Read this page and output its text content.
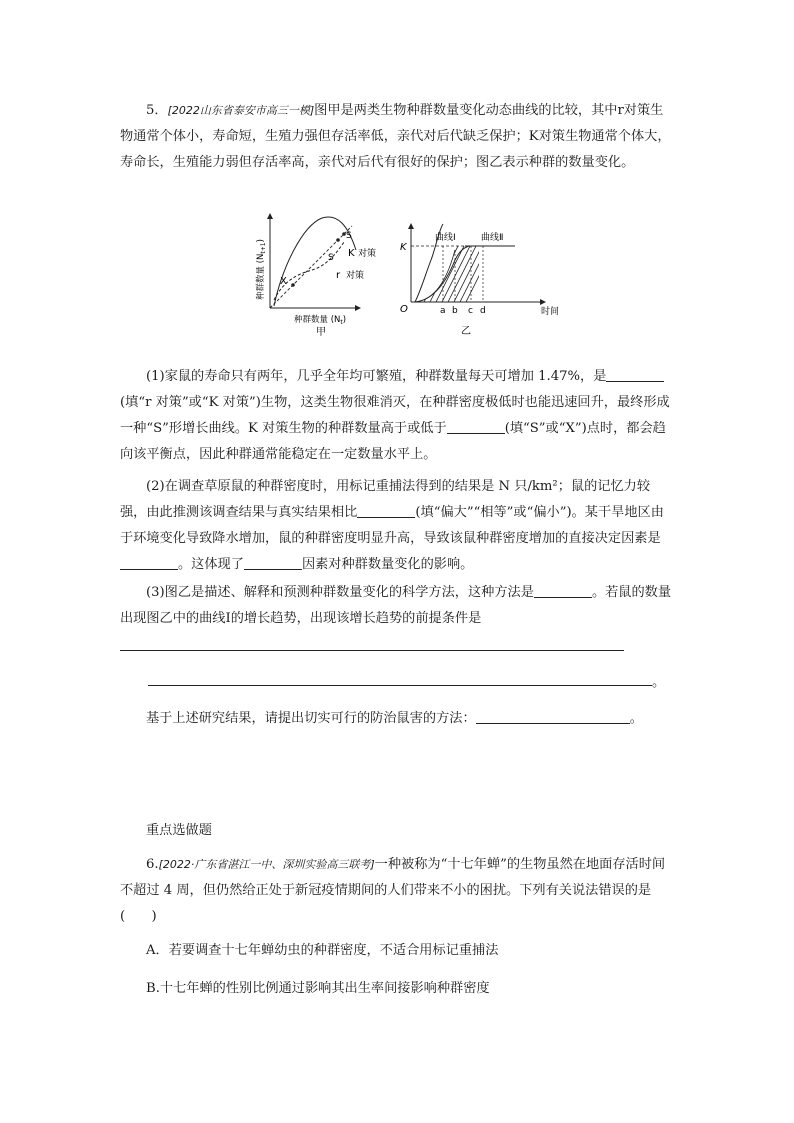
5．[2022山东省泰安市高三一模]图甲是两类生物种群数量变化动态曲线的比较，其中r对策生物通常个体小，寿命短，生殖力强但存活率低，亲代对后代缺乏保护；K对策生物通常个体大，寿命长，生殖能力弱但存活率高，亲代对后代有很好的保护；图乙表示种群的数量变化。
X
S
S
K 对策
r 对策
种群数量 $(N_{t+1})$
种群数量 $(N_t)$
甲
K
O
曲线Ⅰ	曲线Ⅱ
a b c d	时间
乙
(1)家鼠的寿命只有两年，几乎全年均可繁殖，种群数量每天可增加 1.47%，是(填“r 对策”或“K 对策”)生物，这类生物很难消灭，在种群密度极低时也能迅速回升，最终形成一种“S”形增长曲线。K 对策生物的种群数量高于或低于	(填“S”或“X”)点时，都会趋向该平衡点，因此种群通常能稳定在一定数量水平上。
(2)在调查草原鼠的种群密度时，用标记重捕法得到的结果是 N 只/km²；鼠的记忆力较强，由此推测该调查结果与真实结果相比	(填“偏大”“相等”或“偏小”)。某干旱地区由于环境变化导致降水增加，鼠的种群密度明显升高，导致该鼠种群密度增加的直接决定因素是。这体现了	因素对种群数量变化的影响。
(3)图乙是描述、解释和预测种群数量变化的科学方法，这种方法是	。若鼠的数量出现图乙中的曲线Ⅰ的增长趋势，出现该增长趋势的前提条件是
。
基于上述研究结果，请提出切实可行的防治鼠害的方法：	。
重点选做题
6.[2022·广东省湛江一中、深圳实验高三联考]一种被称为“十七年蝉”的生物虽然在地面存活时间不超过 4 周，但仍然给正处于新冠疫情期间的人们带来不小的困扰。下列有关说法错误的是(　　)
A．若要调查十七年蝉幼虫的种群密度，不适合用标记重捕法
B.十七年蝉的性别比例通过影响其出生率间接影响种群密度
